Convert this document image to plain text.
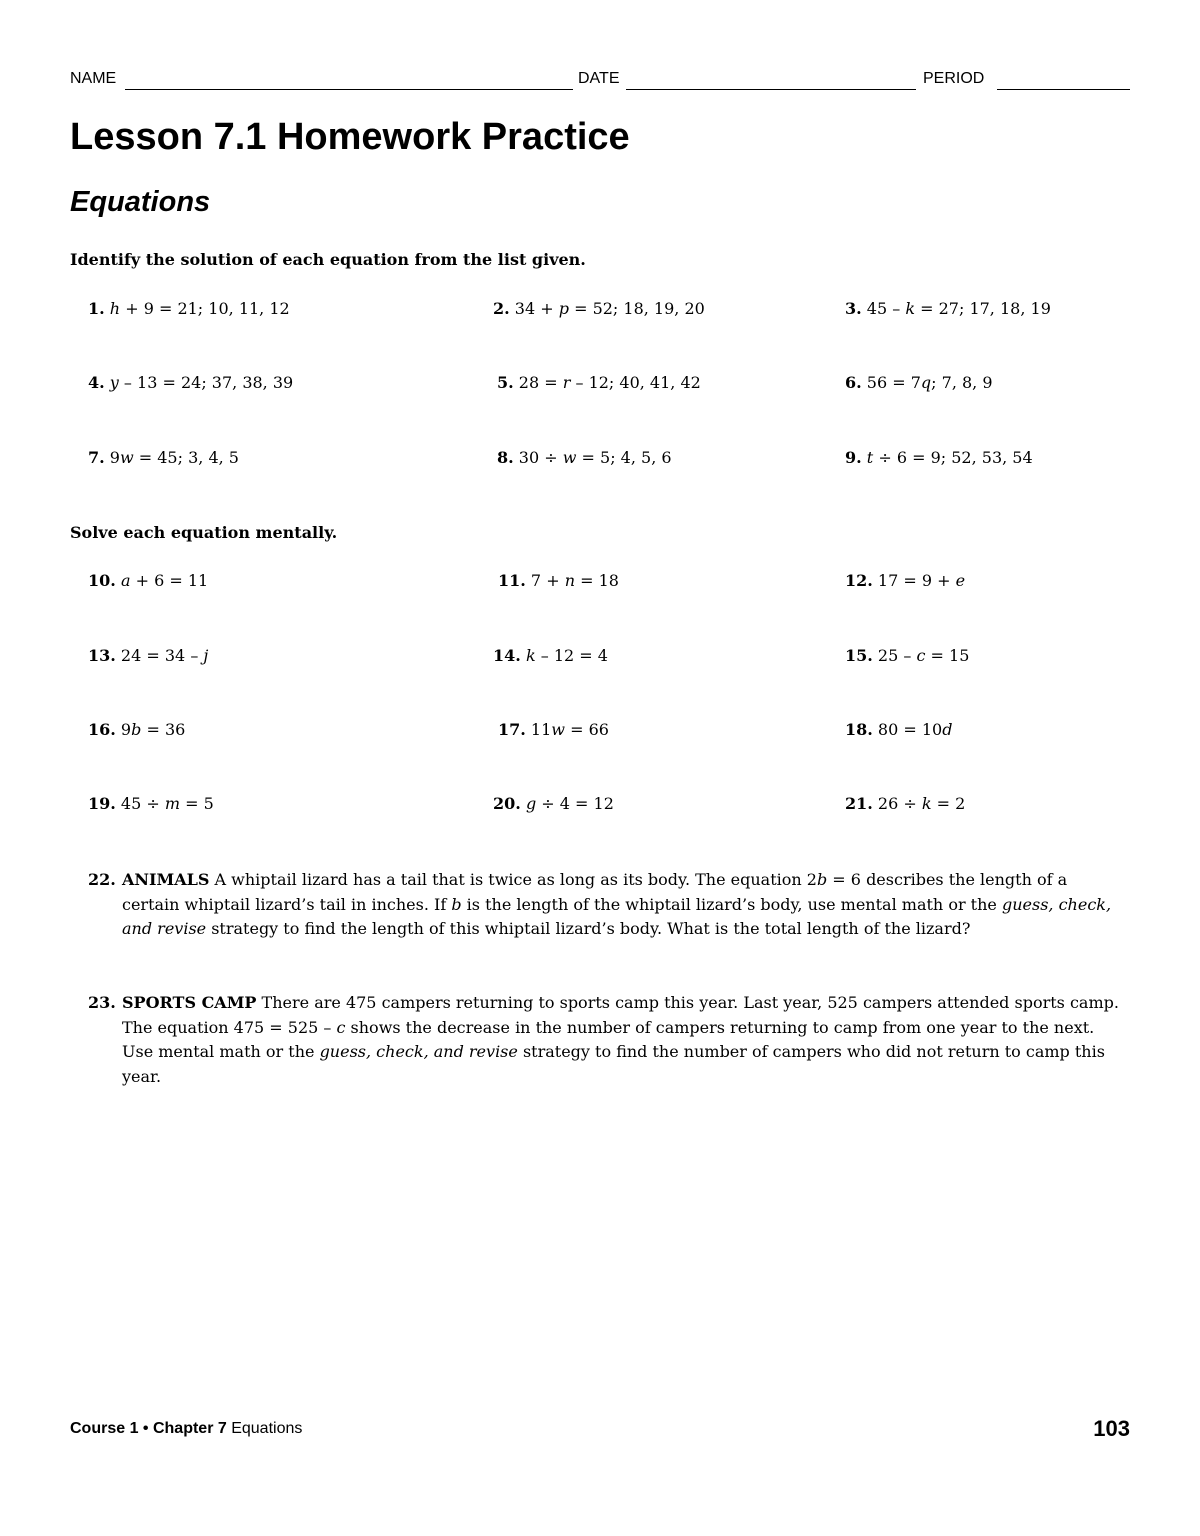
NAME	DATE	PERIOD
Lesson 7.1 Homework Practice
Equations
Identify the solution of each equation from the list given.
1. h + 9 = 21; 10, 11, 12	2. 34 + p = 52; 18, 19, 20	3. 45 – k = 27; 17, 18, 19
4. y – 13 = 24; 37, 38, 39	5. 28 = r – 12; 40, 41, 42	6. 56 = 7q; 7, 8, 9
7. 9w = 45; 3, 4, 5	8. 30 ÷ w = 5; 4, 5, 6	9. t ÷ 6 = 9; 52, 53, 54
Solve each equation mentally.
10. a + 6 = 11	11. 7 + n = 18	12. 17 = 9 + e
13. 24 = 34 – j	14. k – 12 = 4	15. 25 – c = 15
16. 9b = 36	17. 11w = 66	18. 80 = 10d
19. 45 ÷ m = 5	20. g ÷ 4 = 12	21. 26 ÷ k = 2
22. ANIMALS A whiptail lizard has a tail that is twice as long as its body. The equation 2b = 6 describes the length of a certain whiptail lizard’s tail in inches. If b is the length of the whiptail lizard’s body, use mental math or the guess, check, and revise strategy to find the length of this whiptail lizard’s body. What is the total length of the lizard?
23. SPORTS CAMP There are 475 campers returning to sports camp this year. Last year, 525 campers attended sports camp. The equation 475 = 525 – c shows the decrease in the number of campers returning to camp from one year to the next. Use mental math or the guess, check, and revise strategy to find the number of campers who did not return to camp this year.
Course 1 • Chapter 7 Equations	103
